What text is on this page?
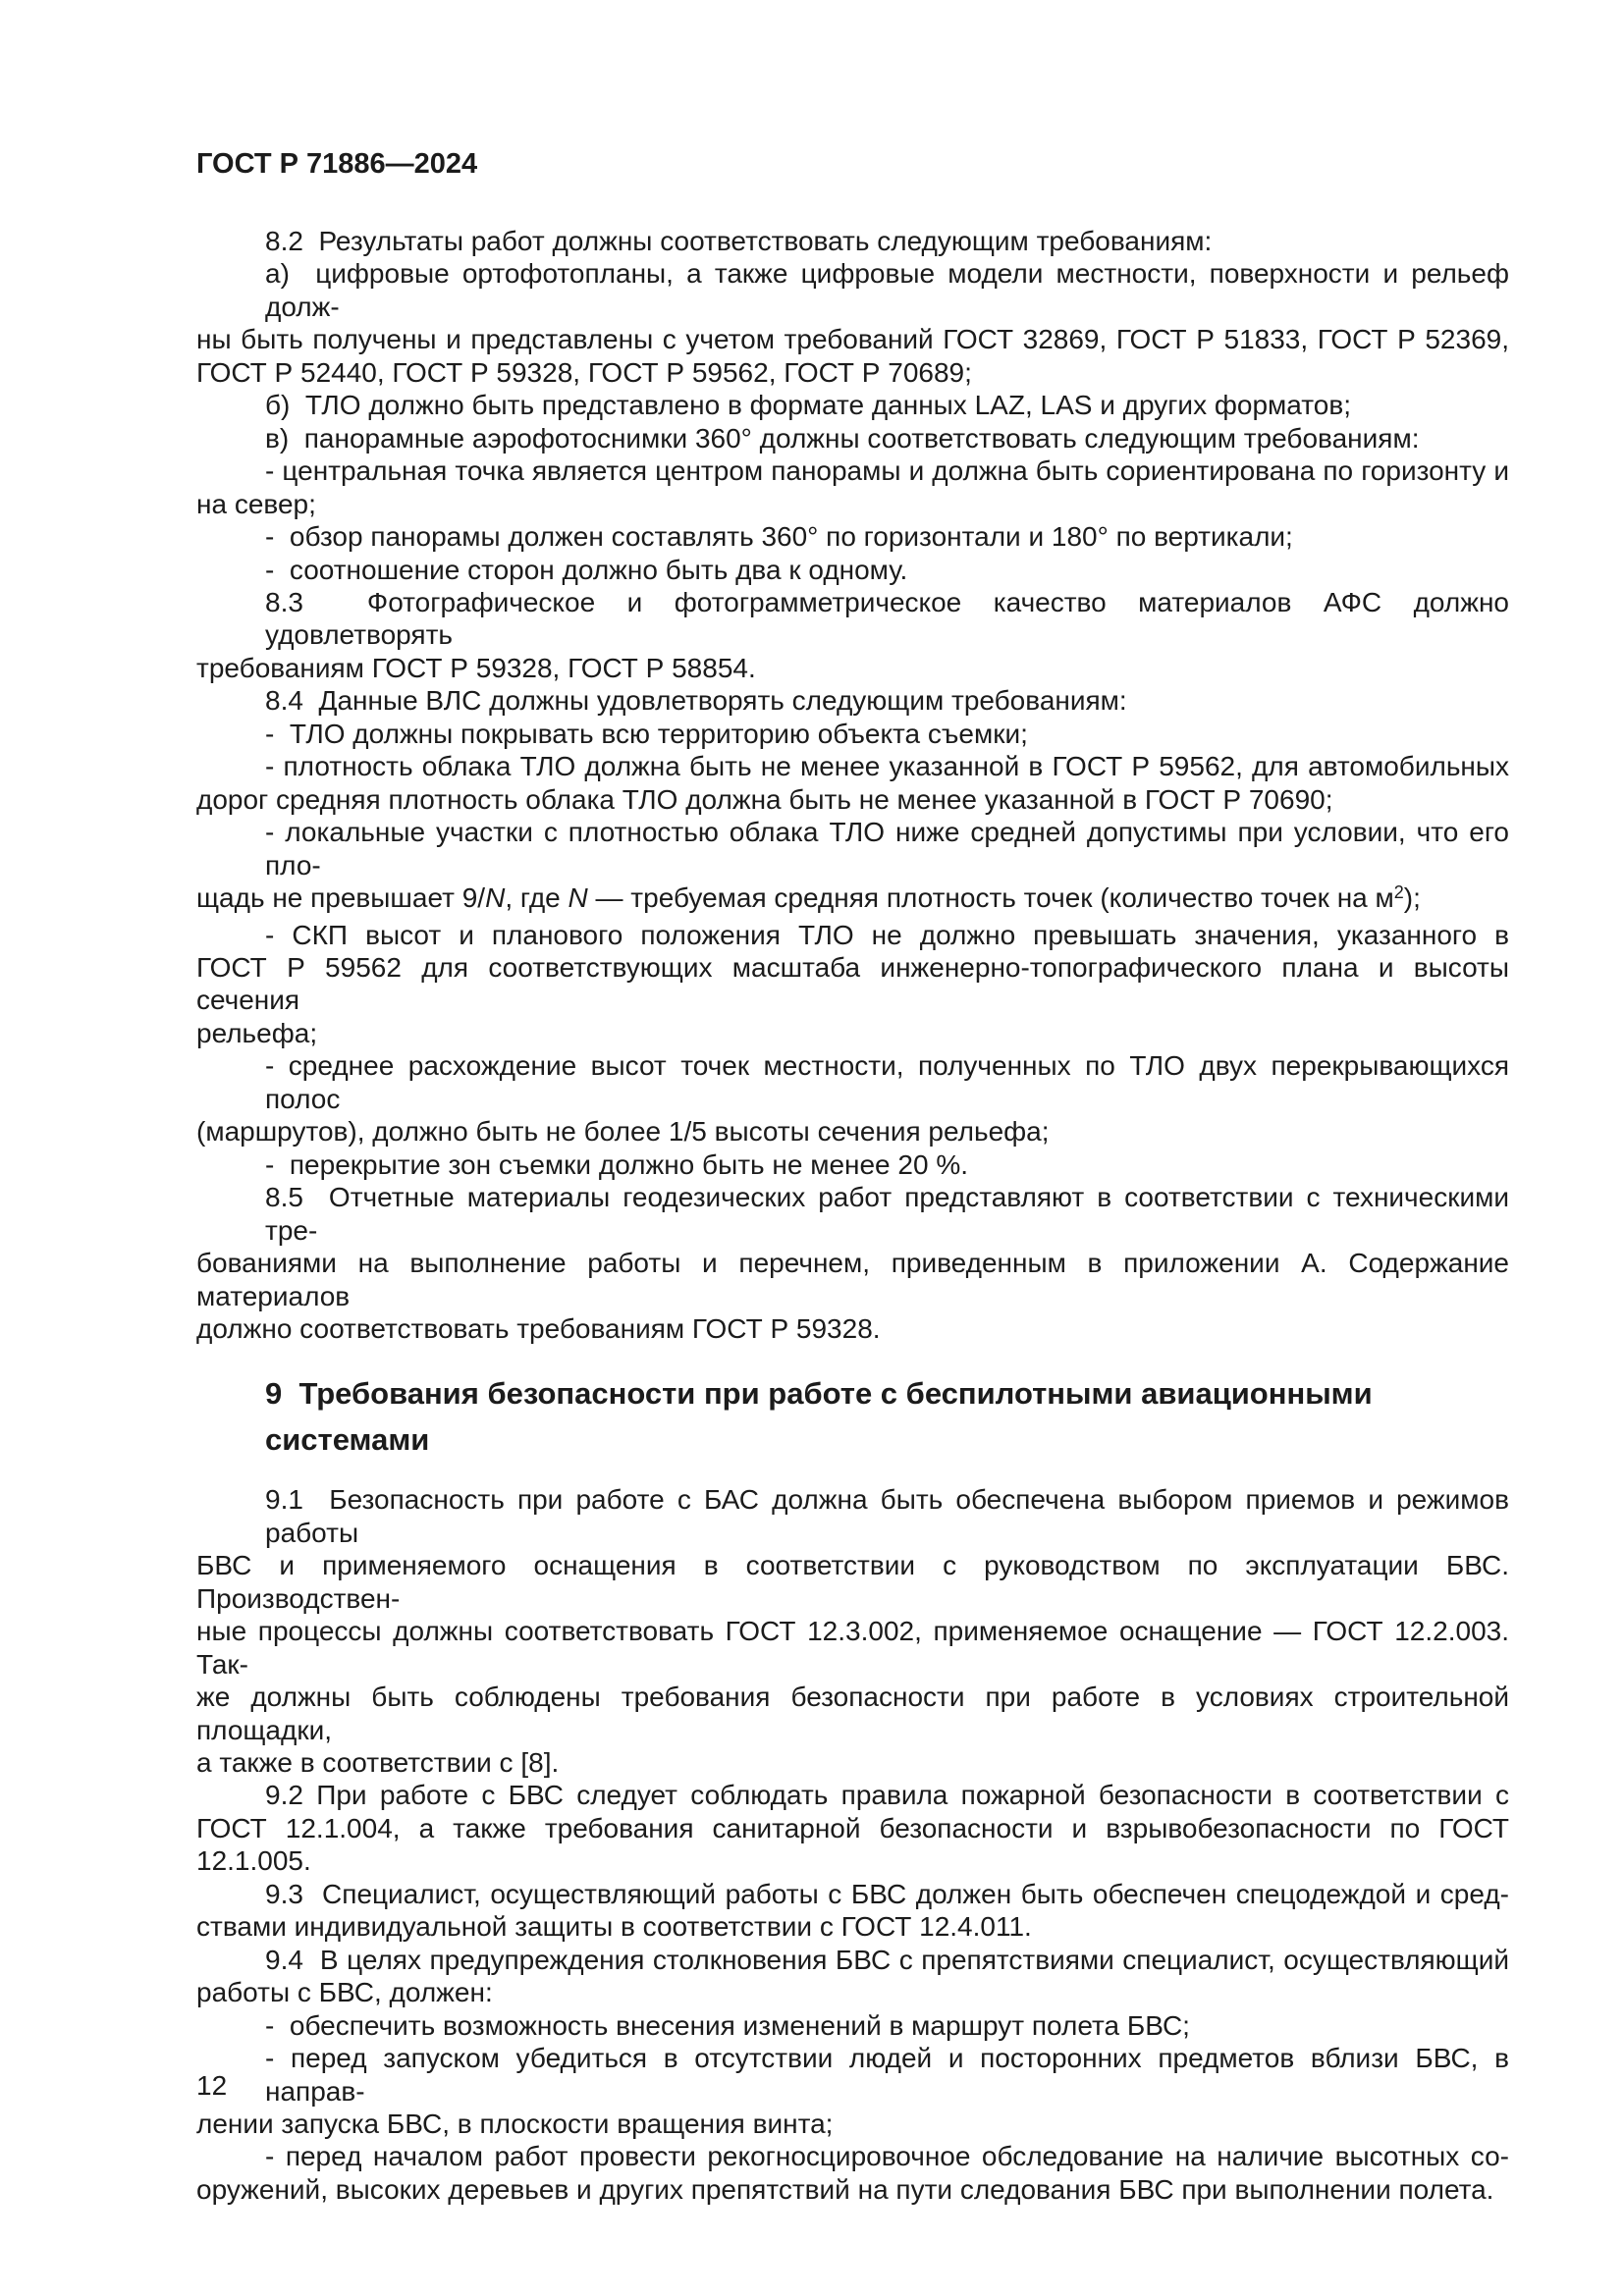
ГОСТ Р 71886—2024
8.2  Результаты работ должны соответствовать следующим требованиям:
а)  цифровые ортофотопланы, а также цифровые модели местности, поверхности и рельеф долж-
ны быть получены и представлены с учетом требований ГОСТ 32869, ГОСТ Р 51833, ГОСТ Р 52369,
ГОСТ Р 52440, ГОСТ Р 59328, ГОСТ Р 59562, ГОСТ Р 70689;
б)  ТЛО должно быть представлено в формате данных LAZ, LAS и других форматов;
в)  панорамные аэрофотоснимки 360° должны соответствовать следующим требованиям:
- центральная точка является центром панорамы и должна быть сориентирована по горизонту и
на север;
-  обзор панорамы должен составлять 360° по горизонтали и 180° по вертикали;
-  соотношение сторон должно быть два к одному.
8.3  Фотографическое и фотограмметрическое качество материалов АФС должно удовлетворять
требованиям ГОСТ Р 59328, ГОСТ Р 58854.
8.4  Данные ВЛС должны удовлетворять следующим требованиям:
-  ТЛО должны покрывать всю территорию объекта съемки;
- плотность облака ТЛО должна быть не менее указанной в ГОСТ Р 59562, для автомобильных
дорог средняя плотность облака ТЛО должна быть не менее указанной в ГОСТ Р 70690;
- локальные участки с плотностью облака ТЛО ниже средней допустимы при условии, что его пло-
щадь не превышает 9/N, где N — требуемая средняя плотность точек (количество точек на $м^2$);
- СКП высот и планового положения ТЛО не должно превышать значения, указанного в
ГОСТ Р 59562 для соответствующих масштаба инженерно-топографического плана и высоты сечения
рельефа;
- среднее расхождение высот точек местности, полученных по ТЛО двух перекрывающихся полос
(маршрутов), должно быть не более 1/5 высоты сечения рельефа;
-  перекрытие зон съемки должно быть не менее 20 %.
8.5  Отчетные материалы геодезических работ представляют в соответствии с техническими тре-
бованиями на выполнение работы и перечнем, приведенным в приложении А. Содержание материалов
должно соответствовать требованиям ГОСТ Р 59328.
9  Требования безопасности при работе с беспилотными авиационными
системами
9.1  Безопасность при работе с БАС должна быть обеспечена выбором приемов и режимов работы
БВС и применяемого оснащения в соответствии с руководством по эксплуатации БВС. Производствен-
ные процессы должны соответствовать ГОСТ 12.3.002, применяемое оснащение — ГОСТ 12.2.003. Так-
же должны быть соблюдены требования безопасности при работе в условиях строительной площадки,
а также в соответствии с [8].
9.2 При работе с БВС следует соблюдать правила пожарной безопасности в соответствии с
ГОСТ 12.1.004, а также требования санитарной безопасности и взрывобезопасности по ГОСТ 12.1.005.
9.3  Специалист, осуществляющий работы с БВС должен быть обеспечен спецодеждой и сред-
ствами индивидуальной защиты в соответствии с ГОСТ 12.4.011.
9.4  В целях предупреждения столкновения БВС с препятствиями специалист, осуществляющий
работы с БВС, должен:
-  обеспечить возможность внесения изменений в маршрут полета БВС;
- перед запуском убедиться в отсутствии людей и посторонних предметов вблизи БВС, в направ-
лении запуска БВС, в плоскости вращения винта;
- перед началом работ провести рекогносцировочное обследование на наличие высотных со-
оружений, высоких деревьев и других препятствий на пути следования БВС при выполнении полета.
12
